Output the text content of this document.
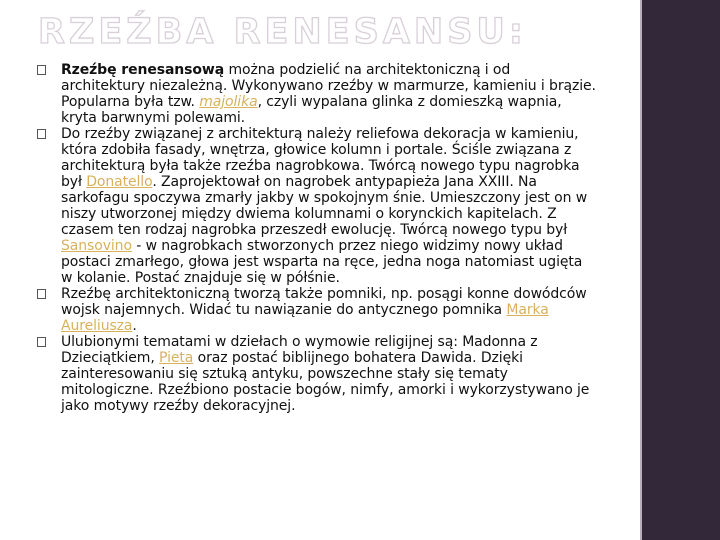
RZEŹBA RENESANSU:
Rzeźbę renesansową można podzielić na architektoniczną i od architektury niezależną. Wykonywano rzeźby w marmurze, kamieniu i brązie. Popularna była tzw. majolika, czyli wypalana glinka z domieszką wapnia, kryta barwnymi polewami.
Do rzeźby związanej z architekturą należy reliefowa dekoracja w kamieniu, która zdobiła fasady, wnętrza, głowice kolumn i portale. Ściśle związana z architekturą była także rzeźba nagrobkowa. Twórcą nowego typu nagrobka był Donatello. Zaprojektował on nagrobek antypapieża Jana XXIII. Na sarkofagu spoczywa zmarły jakby w spokojnym śnie. Umieszczony jest on w niszy utworzonej między dwiema kolumnami o korynckich kapitelach. Z czasem ten rodzaj nagrobka przeszedł ewolucję. Twórcą nowego typu był Sansovino - w nagrobkach stworzonych przez niego widzimy nowy układ postaci zmarłego, głowa jest wsparta na ręce, jedna noga natomiast ugięta w kolanie. Postać znajduje się w półśnie.
Rzeźbę architektoniczną tworzą także pomniki, np. posągi konne dowódców wojsk najemnych. Widać tu nawiązanie do antycznego pomnika Marka Aureliusza.
Ulubionymi tematami w dziełach o wymowie religijnej są: Madonna z Dzieciątkiem, Pieta oraz postać biblijnego bohatera Dawida. Dzięki zainteresowaniu się sztuką antyku, powszechne stały się tematy mitologiczne. Rzeźbiono postacie bogów, nimfy, amorki i wykorzystywano je jako motywy rzeźby dekoracyjnej.
